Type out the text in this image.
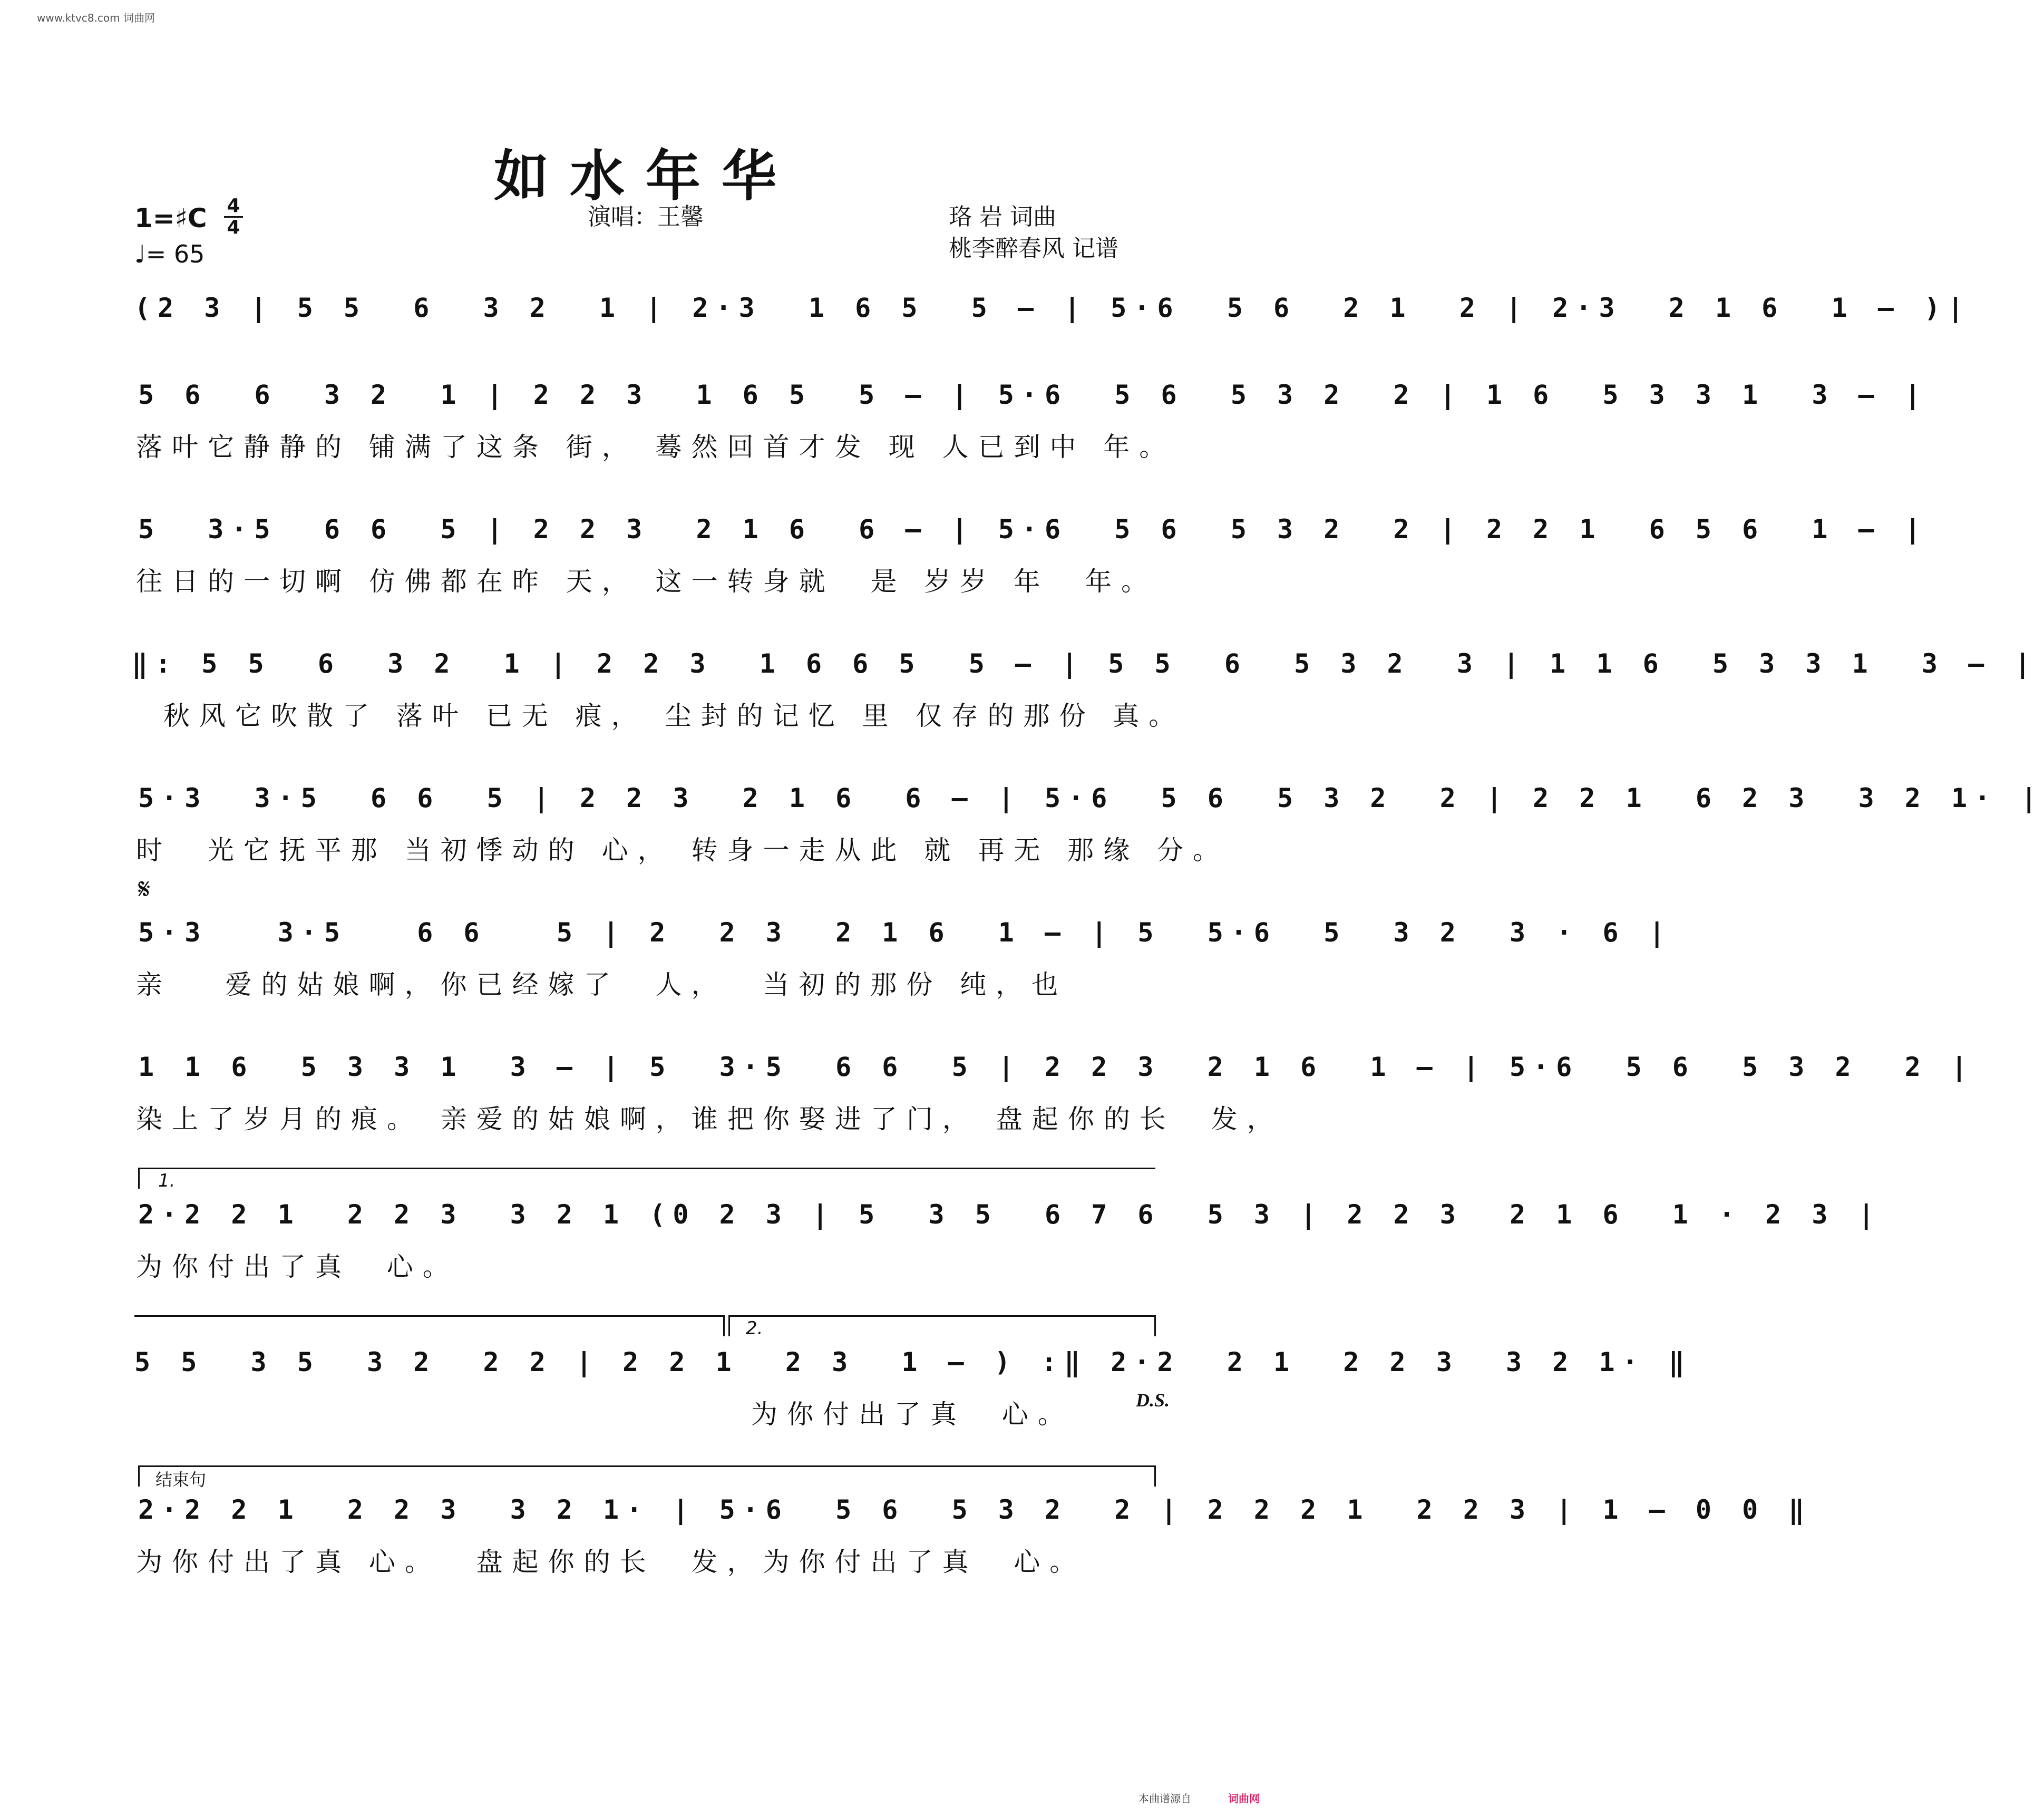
www.ktvc8.com 词曲网
如水年华
1=♯C 4
4
♩= 65
演唱：王馨	珞 岩 词曲
桃李醉春风 记谱
(2 3 | 5 5  6  3 2  1 | 2·3  1 6 5  5 – | 5·6  5 6  2 1  2 | 2·3  2 1 6  1 – )|
5 6  6  3 2  1 | 2 2 3  1 6 5  5 – | 5·6  5 6  5 3 2  2 | 1 6  5 3 3 1  3 – |
落叶它静静的 铺满了这条 街， 蓦然回首才发 现 人已到中 年。
5  3·5  6 6  5 | 2 2 3  2 1 6  6 – | 5·6  5 6  5 3 2  2 | 2 2 1  6 5 6  1 – |
往日的一切啊 仿佛都在昨 天， 这一转身就  是 岁岁 年  年。
‖: 5 5  6  3 2  1 | 2 2 3  1 6 6 5  5 – | 5 5  6  5 3 2  3 | 1 1 6  5 3 3 1  3 – |
秋风它吹散了 落叶 已无 痕， 尘封的记忆 里 仅存的那份 真。
5·3  3·5  6 6  5 | 2 2 3  2 1 6  6 – | 5·6  5 6  5 3 2  2 | 2 2 1  6 2 3  3 2 1· |
时  光它抚平那 当初悸动的 心， 转身一走从此 就 再无 那缘 分。
𝄋
5·3   3·5   6 6   5 | 2  2 3  2 1 6  1 – | 5  5·6  5  3 2  3 · 6 |
亲   爱的姑娘啊，你已经嫁了  人，  当初的那份 纯，也
1 1 6  5 3 3 1  3 – | 5  3·5  6 6  5 | 2 2 3  2 1 6  1 – | 5·6  5 6  5 3 2  2 |
染上了岁月的痕。 亲爱的姑娘啊，谁把你娶进了门， 盘起你的长  发，
1.
2·2 2 1  2 2 3  3 2 1 (0 2 3 | 5  3 5  6 7 6  5 3 | 2 2 3  2 1 6  1 · 2 3 |
为你付出了真  心。
2.
5 5  3 5  3 2  2 2 | 2 2 1  2 3  1 – ) :‖ 2·2  2 1  2 2 3  3 2 1· ‖
为你付出了真  心。	D.S.
结束句
2·2 2 1  2 2 3  3 2 1· | 5·6  5 6  5 3 2  2 | 2 2 2 1  2 2 3 | 1 – 0 0 ‖
为你付出了真 心。  盘起你的长  发，为你付出了真  心。
本曲谱源自	词曲网
